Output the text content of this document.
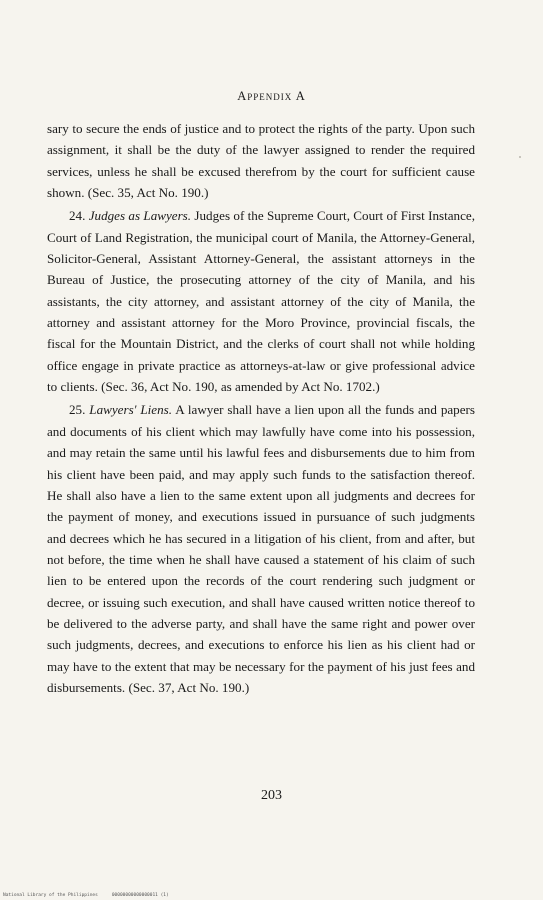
Appendix A

sary to secure the ends of justice and to protect the rights of the party. Upon such assignment, it shall be the duty of the lawyer assigned to render the required services, unless he shall be excused therefrom by the court for sufficient cause shown. (Sec. 35, Act No. 190.)

24. Judges as Lawyers. Judges of the Supreme Court, Court of First Instance, Court of Land Registration, the municipal court of Manila, the Attorney-General, Solicitor-General, Assistant Attorney-General, the assistant attorneys in the Bureau of Justice, the prosecuting attorney of the city of Manila, and his assistants, the city attorney, and assistant attorney of the city of Manila, the attorney and assistant attorney for the Moro Province, provincial fiscals, the fiscal for the Mountain District, and the clerks of court shall not while holding office engage in private practice as attorneys-at-law or give professional advice to clients. (Sec. 36, Act No. 190, as amended by Act No. 1702.)

25. Lawyers' Liens. A lawyer shall have a lien upon all the funds and papers and documents of his client which may lawfully have come into his possession, and may retain the same until his lawful fees and disbursements due to him from his client have been paid, and may apply such funds to the satisfaction thereof. He shall also have a lien to the same extent upon all judgments and decrees for the payment of money, and executions issued in pursuance of such judgments and decrees which he has secured in a litigation of his client, from and after, but not before, the time when he shall have caused a statement of his claim of such lien to be entered upon the records of the court rendering such judgment or decree, or issuing such execution, and shall have caused written notice thereof to be delivered to the adverse party, and shall have the same right and power over such judgments, decrees, and executions to enforce his lien as his client had or may have to the extent that may be necessary for the payment of his just fees and disbursements. (Sec. 37, Act No. 190.)

203
National Library of the Philippines	00000000000000011 (1)
